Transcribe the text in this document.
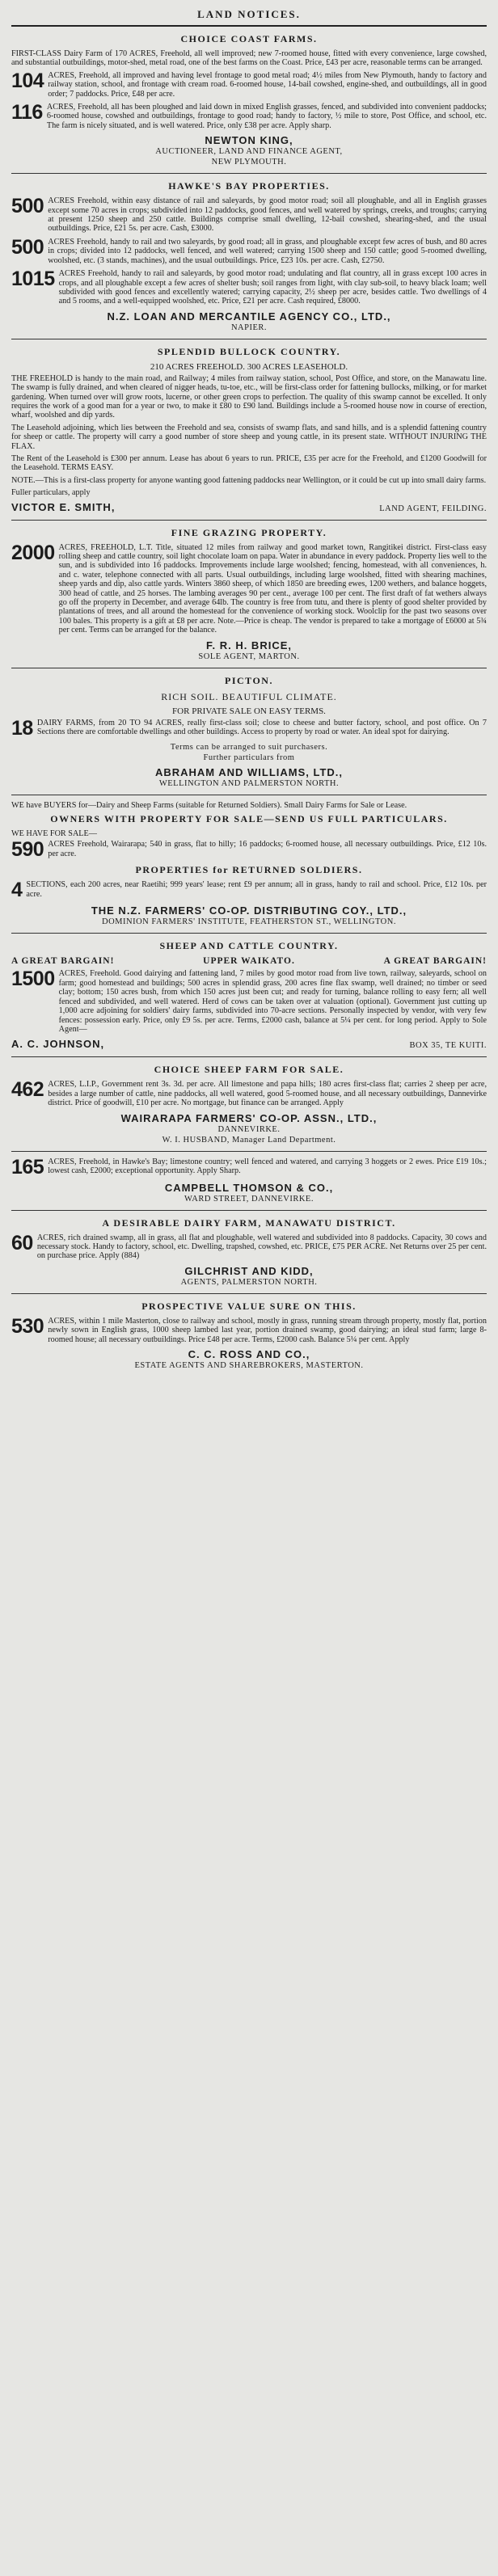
LAND NOTICES.
CHOICE COAST FARMS.
FIRST-CLASS Dairy Farm of 170 ACRES, Freehold, all well improved; new 7-roomed house, fitted with every convenience, large cowshed, and substantial outbuildings, motor-shed, metal road, one of the best farms on the Coast. Price, £43 per acre, reasonable terms can be arranged.
104 ACRES, Freehold, all improved and having level frontage to good metal road; 4½ miles from New Plymouth, handy to factory and railway station, school, and frontage with cream road. 6-roomed house, 14-bail cowshed, engine-shed, and outbuildings, all in good order; 7 paddocks. Price, £48 per acre.
116 ACRES, Freehold, all has been ploughed and laid down in mixed English grasses, fenced, and subdivided into convenient paddocks; 6-roomed house, cowshed and outbuildings, frontage to good road; handy to factory, ½ mile to store, Post Office, and school, etc. The farm is nicely situated, and is well watered. Price, only £38 per acre. Apply sharp.
NEWTON KING,
AUCTIONEER, LAND AND FINANCE AGENT,
NEW PLYMOUTH.
HAWKE'S BAY PROPERTIES.
500 ACRES Freehold, within easy distance of rail and saleyards, by good motor road; soil all ploughable, and all in English grasses except some 70 acres in crops; subdivided into 12 paddocks, good fences, and well watered by springs, creeks, and troughs; carrying at present 1250 sheep and 250 cattle. Buildings comprise small dwelling, 12-bail cowshed, shearing-shed, and the usual outbuildings. Price, £21 5s. per acre. Cash, £3000.
500 ACRES Freehold, handy to rail and two saleyards, by good road; all in grass, and ploughable except few acres of bush, and 80 acres in crops; divided into 12 paddocks, well fenced, and well watered; carrying 1500 sheep and 150 cattle; good 5-roomed dwelling, woolshed, etc. (3 stands, machines), and the usual outbuildings. Price, £23 10s. per acre. Cash, £2750.
1015 ACRES Freehold, handy to rail and saleyards, by good motor road; undulating and flat country, all in grass except 100 acres in crops, and all ploughable except a few acres of shelter bush; soil ranges from light, with clay sub-soil, to heavy black loam; well subdivided with good fences and excellently watered; carrying capacity, 2½ sheep per acre, besides cattle. Two dwellings of 4 and 5 rooms, and a well-equipped woolshed, etc. Price, £21 per acre. Cash required, £8000.
N.Z. LOAN AND MERCANTILE AGENCY CO., LTD.,
NAPIER.
SPLENDID BULLOCK COUNTRY.
210 ACRES FREEHOLD. 300 ACRES LEASEHOLD.
THE FREEHOLD is handy to the main road, and Railway; 4 miles from railway station, school, Post Office, and store, on the Manawatu line. The swamp is fully drained, and when cleared of nigger heads, tu-toe, etc., will be first-class order for fattening bullocks, milking, or for market gardening. When turned over will grow roots, lucerne, or other green crops to perfection. The quality of this swamp cannot be excelled. It only requires the work of a good man for a year or two, to make it £80 to £90 land. Buildings include a 5-roomed house now in course of erection, wharf, woolshed and dip yards.
The Leasehold adjoining, which lies between the Freehold and sea, consists of swamp flats, and sand hills, and is a splendid fattening country for sheep or cattle. The property will carry a good number of store sheep and young cattle, in its present state. WITHOUT INJURING THE FLAX.
The Rent of the Leasehold is £300 per annum. Lease has about 6 years to run. PRICE, £35 per acre for the Freehold, and £1200 Goodwill for the Leasehold. TERMS EASY.
NOTE.—This is a first-class property for anyone wanting good fattening paddocks near Wellington, or it could be cut up into small dairy farms.
Fuller particulars, apply
VICTOR E. SMITH,	LAND AGENT, FEILDING.
FINE GRAZING PROPERTY.
2000 ACRES, FREEHOLD, L.T. Title, situated 12 miles from railway and good market town, Rangitikei district. First-class easy rolling sheep and cattle country, soil light chocolate loam on papa. Water in abundance in every paddock. Property lies well to the sun, and is subdivided into 16 paddocks. Improvements include large woolshed; fencing, homestead, with all conveniences, h. and c. water, telephone connected with all parts. Usual outbuildings, including large woolshed, fitted with shearing machines, sheep yards and dip, also cattle yards. Winters 3860 sheep, of which 1850 are breeding ewes, 1200 wethers, and balance hoggets, 300 head of cattle, and 25 horses. The lambing averages 90 per cent., average 100 per cent. The first draft of fat wethers always go off the property in December, and average 64lb. The country is free from tutu, and there is plenty of good shelter provided by plantations of trees, and all around the homestead for the convenience of working stock. Woolclip for the past two seasons over 100 bales. This property is a gift at £8 per acre. Note.—Price is cheap. The vendor is prepared to take a mortgage of £6000 at 5¾ per cent. Terms can be arranged for the balance.
F. R. H. BRICE,
SOLE AGENT, MARTON.
PICTON.
RICH SOIL. BEAUTIFUL CLIMATE.
FOR PRIVATE SALE ON EASY TERMS.
18 DAIRY FARMS, from 20 TO 94 ACRES, really first-class soil; close to cheese and butter factory, school, and post office. On 7 Sections there are comfortable dwellings and other buildings. Access to property by road or water. An ideal spot for dairying.
Terms can be arranged to suit purchasers.
Further particulars from
ABRAHAM AND WILLIAMS, LTD.,
WELLINGTON AND PALMERSTON NORTH.
WE have BUYERS for—Dairy and Sheep Farms (suitable for Returned Soldiers). Small Dairy Farms for Sale or Lease.
OWNERS WITH PROPERTY FOR SALE—SEND US FULL PARTICULARS.
WE HAVE FOR SALE—
590 ACRES Freehold, Wairarapa; 540 in grass, flat to hilly; 16 paddocks; 6-roomed house, all necessary outbuildings. Price, £12 10s. per acre.
PROPERTIES for RETURNED SOLDIERS.
4 SECTIONS, each 200 acres, near Raetihi; 999 years' lease; rent £9 per annum; all in grass, handy to rail and school. Price, £12 10s. per acre.
THE N.Z. FARMERS' CO-OP. DISTRIBUTING COY., LTD.,
DOMINION FARMERS' INSTITUTE, FEATHERSTON ST., WELLINGTON.
SHEEP AND CATTLE COUNTRY.
A GREAT BARGAIN!	UPPER WAIKATO.	A GREAT BARGAIN!
1500 ACRES, Freehold. Good dairying and fattening land, 7 miles by good motor road from live town, railway, saleyards, school on farm; good homestead and buildings; 500 acres in splendid grass, 200 acres fine flax swamp, well drained; no timber or seed clay; bottom; 150 acres bush, from which 150 acres just been cut; and ready for turning, balance rolling to easy fern; all well fenced and subdivided, and well watered. Herd of cows can be taken over at valuation (optional). Government just cutting up 1,000 acre adjoining for soldiers' dairy farms, subdivided into 70-acre sections. Personally inspected by vendor, with very few fences: possession early. Price, only £9 5s. per acre. Terms, £2000 cash, balance at 5¼ per cent. for long period. Apply to Sole Agent—
A. C. JOHNSON,	BOX 35, TE KUITI.
CHOICE SHEEP FARM FOR SALE.
462 ACRES, L.I.P., Government rent 3s. 3d. per acre. All limestone and papa hills; 180 acres first-class flat; carries 2 sheep per acre, besides a large number of cattle, nine paddocks, all well watered, good 5-roomed house, and all necessary outbuildings, Dannevirke district. Price of goodwill, £10 per acre. No mortgage, but finance can be arranged. Apply
WAIRARAPA FARMERS' CO-OP. ASSN., LTD.,
DANNEVIRKE.
W. I. HUSBAND, Manager Land Department.
165 ACRES, Freehold, in Hawke's Bay; limestone country; well fenced and watered, and carrying 3 hoggets or 2 ewes. Price £19 10s.; lowest cash, £2000; exceptional opportunity. Apply Sharp.
CAMPBELL THOMSON & CO.,
WARD STREET, DANNEVIRKE.
A DESIRABLE DAIRY FARM, MANAWATU DISTRICT.
60 ACRES, rich drained swamp, all in grass, all flat and ploughable, well watered and subdivided into 8 paddocks. Capacity, 30 cows and necessary stock. Handy to factory, school, etc. Dwelling, trapshed, cowshed, etc. PRICE, £75 PER ACRE. Net Returns over 25 per cent. on purchase price. Apply (884)
GILCHRIST AND KIDD,
AGENTS, PALMERSTON NORTH.
PROSPECTIVE VALUE SURE ON THIS.
530 ACRES, within 1 mile Masterton, close to railway and school, mostly in grass, running stream through property, mostly flat, portion newly sown in English grass, 1000 sheep lambed last year, portion drained swamp, good dairying; an ideal stud farm; large 8-roomed house; all necessary outbuildings. Price £48 per acre. Terms, £2000 cash. Balance 5¼ per cent. Apply
C. C. ROSS AND CO.,
ESTATE AGENTS AND SHAREBROKERS, MASTERTON.
